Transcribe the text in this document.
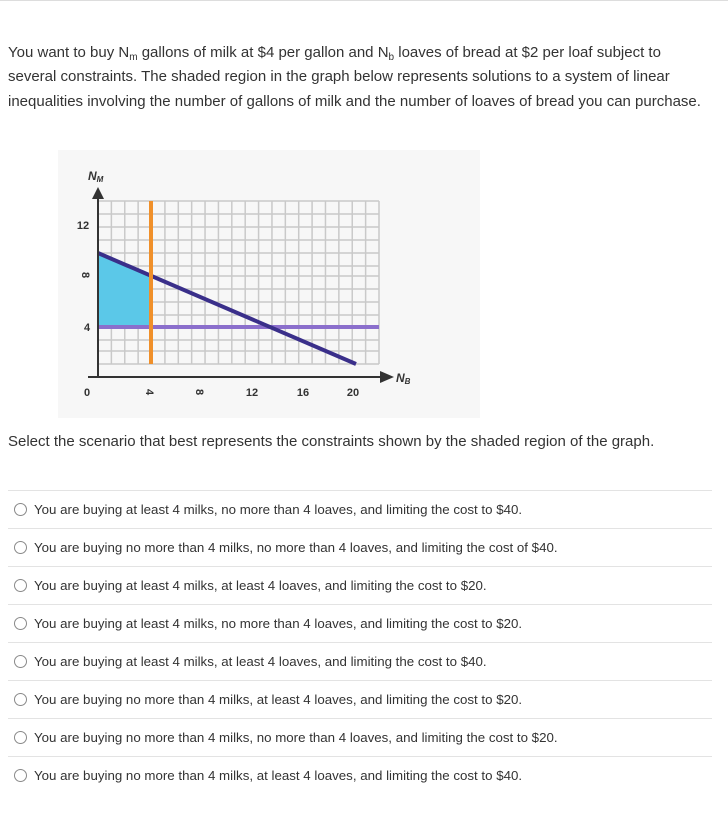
You want to buy $N_m$ gallons of milk at $4 per gallon and $N_b$ loaves of bread at $2 per loaf subject to several constraints. The shaded region in the graph below represents solutions to a system of linear inequalities involving the number of gallons of milk and the number of loaves of bread you can purchase.
NM
NB
12
8
4
0	4	8	12	16	20
Select the scenario that best represents the constraints shown by the shaded region of the graph.
You are buying at least 4 milks, no more than 4 loaves, and limiting the cost to $40.
You are buying no more than 4 milks, no more than 4 loaves, and limiting the cost of $40.
You are buying at least 4 milks, at least 4 loaves, and limiting the cost to $20.
You are buying at least 4 milks, no more than 4 loaves, and limiting the cost to $20.
You are buying at least 4 milks, at least 4 loaves, and limiting the cost to $40.
You are buying no more than 4 milks, at least 4 loaves, and limiting the cost to $20.
You are buying no more than 4 milks, no more than 4 loaves, and limiting the cost to $20.
You are buying no more than 4 milks, at least 4 loaves, and limiting the cost to $40.
